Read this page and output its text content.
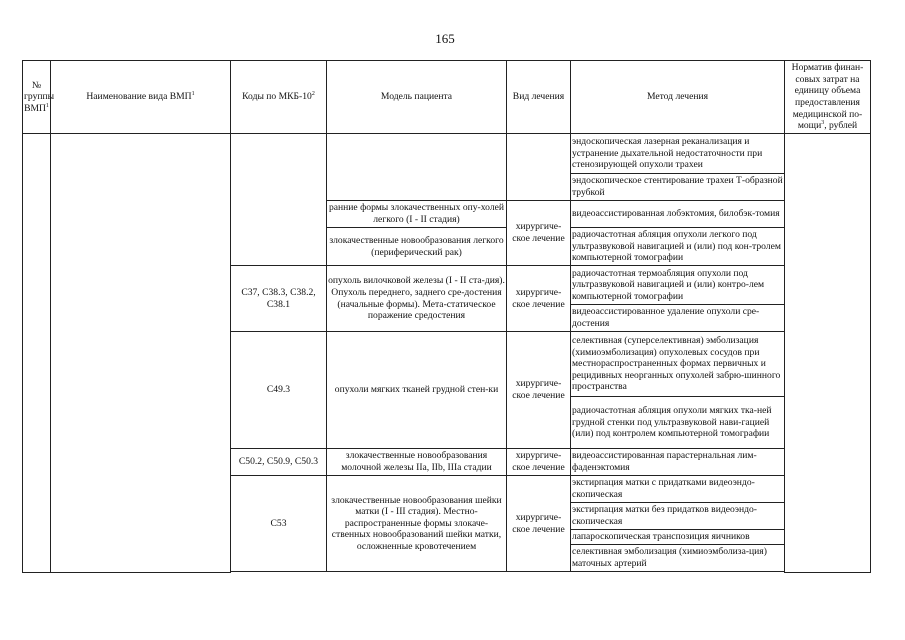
165
№ группы ВМП$^1$	Наименование вида ВМП$^1$	Коды по МКБ-$10^2$	Модель пациента	Вид лечения	Метод лечения	Норматив финан-совых затрат на единицу объема предоставления медицинской по-мощи$^3$, рублей
					эндоскопическая лазерная реканализация и устранение дыхательной недостаточности при стенозирующей опухоли трахеи	
					эндоскопическое стентирование трахеи Т-образной трубкой	
			ранние формы злокачественных опу-холей легкого (I - II стадия)	хирургиче-ское лечение	видеоассистированная лобэктомия, билобэк-томия	
			злокачественные новообразования легкого (периферический рак)		радиочастотная абляция опухоли легкого под ультразвуковой навигацией и (или) под кон-тролем компьютерной томографии	
		C37, C38.3, C38.2, C38.1	опухоль вилочковой железы (I - II ста-дия). Опухоль переднего, заднего сре-достения (начальные формы). Мета-статическое поражение средостения	хирургиче-ское лечение	радиочастотная термоабляция опухоли под ультразвуковой навигацией и (или) контро-лем компьютерной томографии	
					видеоассистированное удаление опухоли сре-достения	
		C49.3	опухоли мягких тканей грудной стен-ки	хирургиче-ское лечение	селективная (суперселективная) эмболизация (химиоэмболизация) опухолевых сосудов при местнораспространенных формах первичных и рецидивных неорганных опухолей забрю-шинного пространства	
					радиочастотная абляция опухоли мягких тка-ней грудной стенки под ультразвуковой нави-гацией (или) под контролем компьютерной томографии	
		C50.2, C50.9, C50.3	злокачественные новообразования молочной железы IIa, IIb, IIIa стадии	хирургиче-ское лечение	видеоассистированная парастернальная лим-фаденэктомия	
		C53	злокачественные новообразования шейки матки (I - III стадия). Местно-распространенные формы злокаче-ственных новообразований шейки матки, осложненные кровотечением	хирургиче-ское лечение	экстирпация матки с придатками видеоэндо-скопическая	
					экстирпация матки без придатков видеоэндо-скопическая	
					лапароскопическая транспозиция яичников	
					селективная эмболизация (химиоэмболиза-ция) маточных артерий	
